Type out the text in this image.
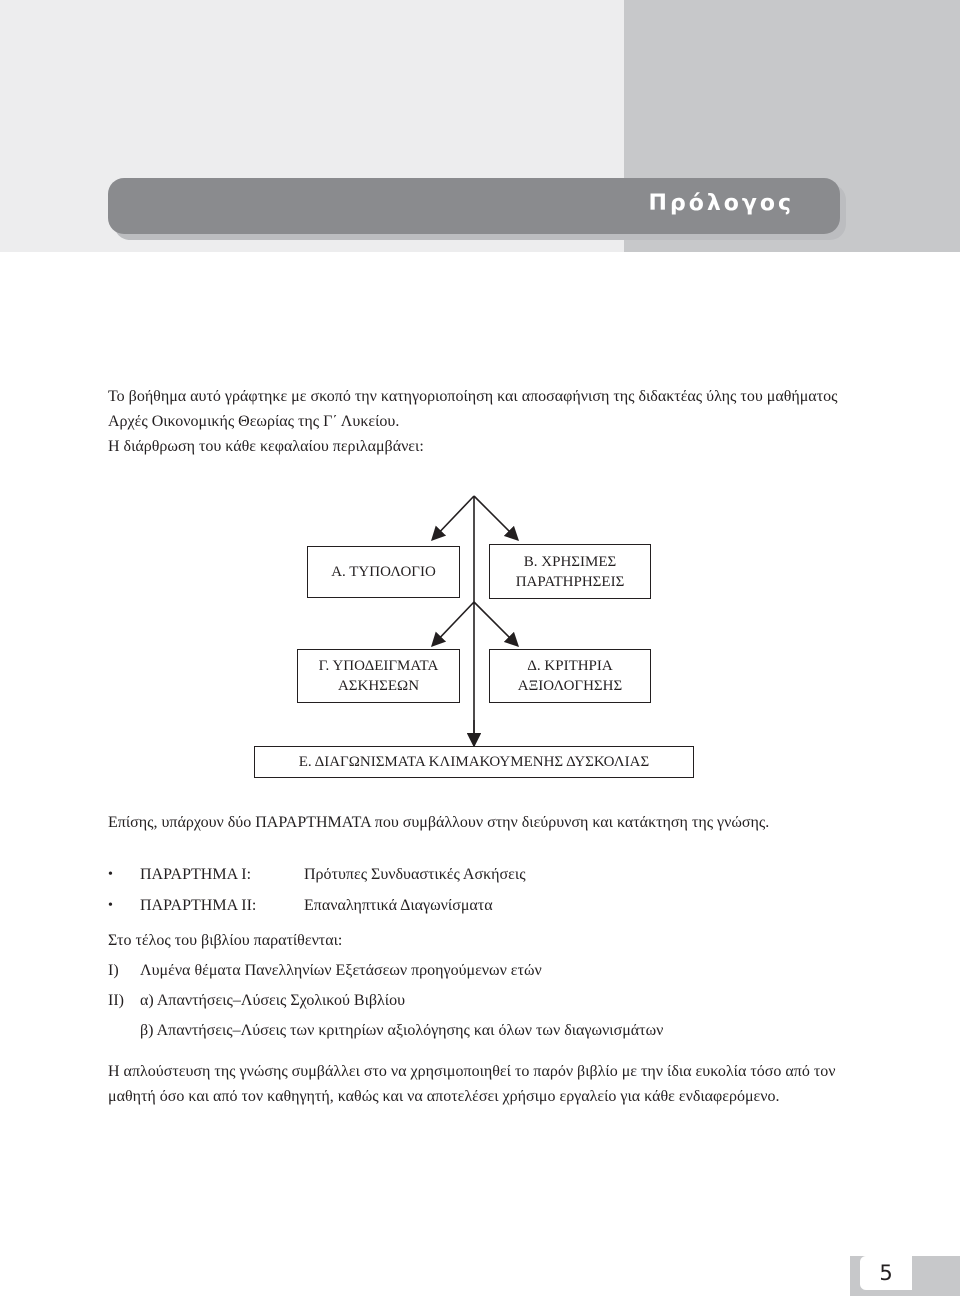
Πρόλογος

Το βοήθημα αυτό γράφτηκε με σκοπό την κατηγοριοποίηση και αποσαφήνιση της διδακτέας ύλης του μαθήματος Αρχές Οικονομικής Θεωρίας της Γ΄ Λυκείου.

Η διάρθρωση του κάθε κεφαλαίου περιλαμβάνει:

Α. ΤΥΠΟΛΟΓΙΟ
Β. ΧΡΗΣΙΜΕΣ ΠΑΡΑΤΗΡΗΣΕΙΣ
Γ. ΥΠΟΔΕΙΓΜΑΤΑ ΑΣΚΗΣΕΩΝ
Δ. ΚΡΙΤΗΡΙΑ ΑΞΙΟΛΟΓΗΣΗΣ
Ε. ΔΙΑΓΩΝΙΣΜΑΤΑ ΚΛΙΜΑΚΟΥΜΕΝΗΣ ΔΥΣΚΟΛΙΑΣ
Επίσης, υπάρχουν δύο ΠΑΡΑΡΤΗΜΑΤΑ που συμβάλλουν στην διεύρυνση και κατάκτηση της γνώσης.
• ΠΑΡΑΡΤΗΜΑ Ι:	Πρότυπες Συνδυαστικές Ασκήσεις
• ΠΑΡΑΡΤΗΜΑ ΙΙ:	Επαναληπτικά Διαγωνίσματα
Στο τέλος του βιβλίου παρατίθενται:
Ι) Λυμένα θέματα Πανελληνίων Εξετάσεων προηγούμενων ετών
ΙΙ) α) Απαντήσεις–Λύσεις Σχολικού Βιβλίου
β) Απαντήσεις–Λύσεις των κριτηρίων αξιολόγησης και όλων των διαγωνισμάτων
Η απλούστευση της γνώσης συμβάλλει στο να χρησιμοποιηθεί το παρόν βιβλίο με την ίδια ευκολία τόσο από τον μαθητή όσο και από τον καθηγητή, καθώς και να αποτελέσει χρήσιμο εργαλείο για κάθε ενδιαφερόμενο.
5
